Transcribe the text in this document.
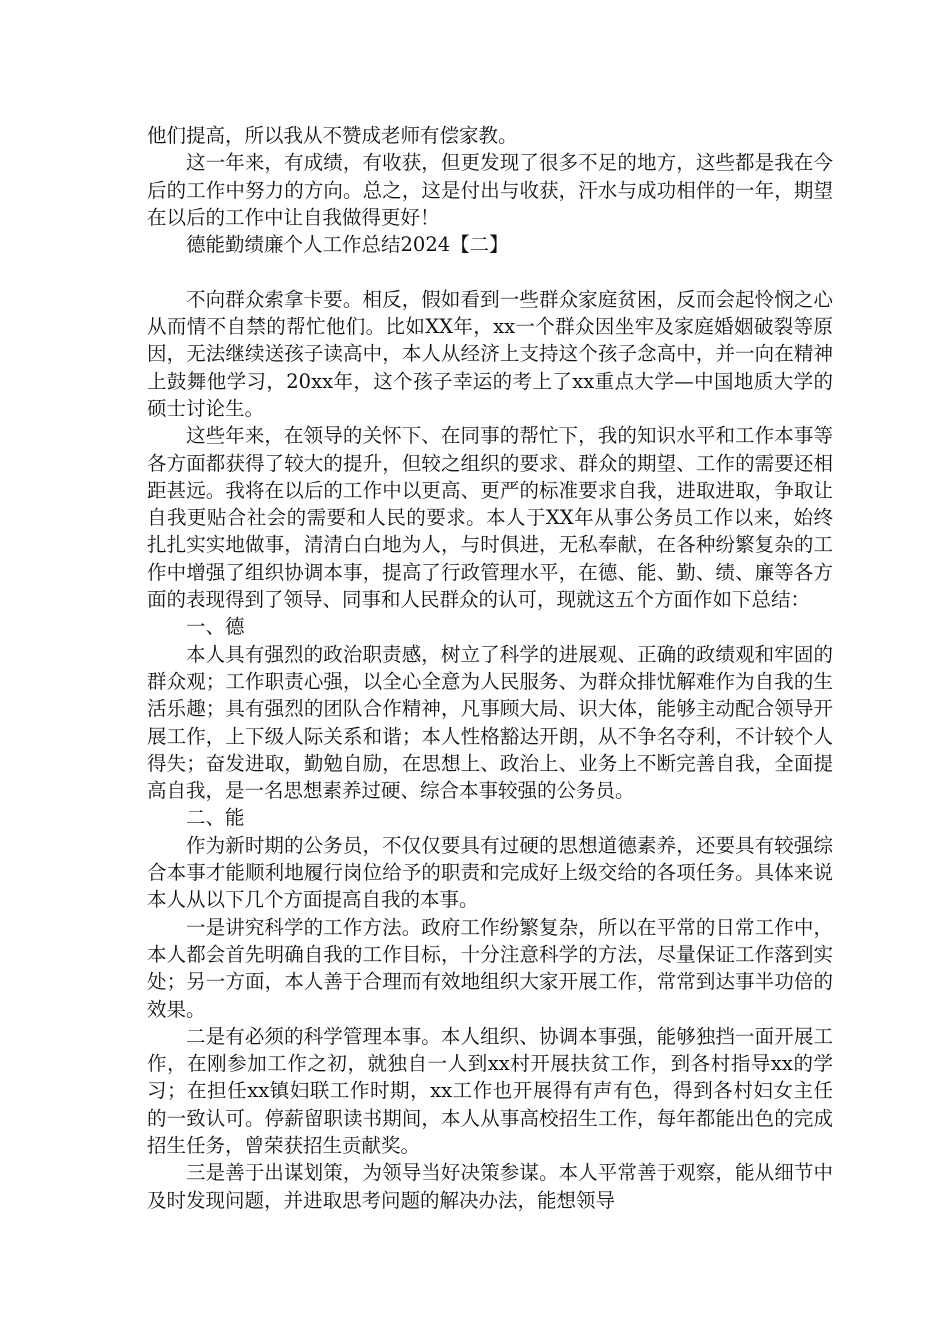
他们提高，所以我从不赞成老师有偿家教。

这一年来，有成绩，有收获，但更发现了很多不足的地方，这些都是我在今后的工作中努力的方向。总之，这是付出与收获，汗水与成功相伴的一年，期望在以后的工作中让自我做得更好！

德能勤绩廉个人工作总结2024【二】

不向群众索拿卡要。相反，假如看到一些群众家庭贫困，反而会起怜悯之心从而情不自禁的帮忙他们。比如XX年，xx一个群众因坐牢及家庭婚姻破裂等原因，无法继续送孩子读高中，本人从经济上支持这个孩子念高中，并一向在精神上鼓舞他学习，20xx年，这个孩子幸运的考上了xx重点大学—中国地质大学的硕士讨论生。

这些年来，在领导的关怀下、在同事的帮忙下，我的知识水平和工作本事等各方面都获得了较大的提升，但较之组织的要求、群众的期望、工作的需要还相距甚远。我将在以后的工作中以更高、更严的标准要求自我，进取进取，争取让自我更贴合社会的需要和人民的要求。本人于XX年从事公务员工作以来，始终扎扎实实地做事，清清白白地为人，与时俱进，无私奉献，在各种纷繁复杂的工作中增强了组织协调本事，提高了行政管理水平，在德、能、勤、绩、廉等各方面的表现得到了领导、同事和人民群众的认可，现就这五个方面作如下总结：

一、德

本人具有强烈的政治职责感，树立了科学的进展观、正确的政绩观和牢固的群众观；工作职责心强，以全心全意为人民服务、为群众排忧解难作为自我的生活乐趣；具有强烈的团队合作精神，凡事顾大局、识大体，能够主动配合领导开展工作，上下级人际关系和谐；本人性格豁达开朗，从不争名夺利，不计较个人得失；奋发进取，勤勉自励，在思想上、政治上、业务上不断完善自我，全面提高自我，是一名思想素养过硬、综合本事较强的公务员。

二、能

作为新时期的公务员，不仅仅要具有过硬的思想道德素养，还要具有较强综合本事才能顺利地履行岗位给予的职责和完成好上级交给的各项任务。具体来说本人从以下几个方面提高自我的本事。

一是讲究科学的工作方法。政府工作纷繁复杂，所以在平常的日常工作中，本人都会首先明确自我的工作目标，十分注意科学的方法，尽量保证工作落到实处；另一方面，本人善于合理而有效地组织大家开展工作，常常到达事半功倍的效果。

二是有必须的科学管理本事。本人组织、协调本事强，能够独挡一面开展工作，在刚参加工作之初，就独自一人到xx村开展扶贫工作，到各村指导xx的学习；在担任xx镇妇联工作时期，xx工作也开展得有声有色，得到各村妇女主任的一致认可。停薪留职读书期间，本人从事高校招生工作，每年都能出色的完成招生任务，曾荣获招生贡献奖。

三是善于出谋划策，为领导当好决策参谋。本人平常善于观察，能从细节中及时发现问题，并进取思考问题的解决办法，能想领导
